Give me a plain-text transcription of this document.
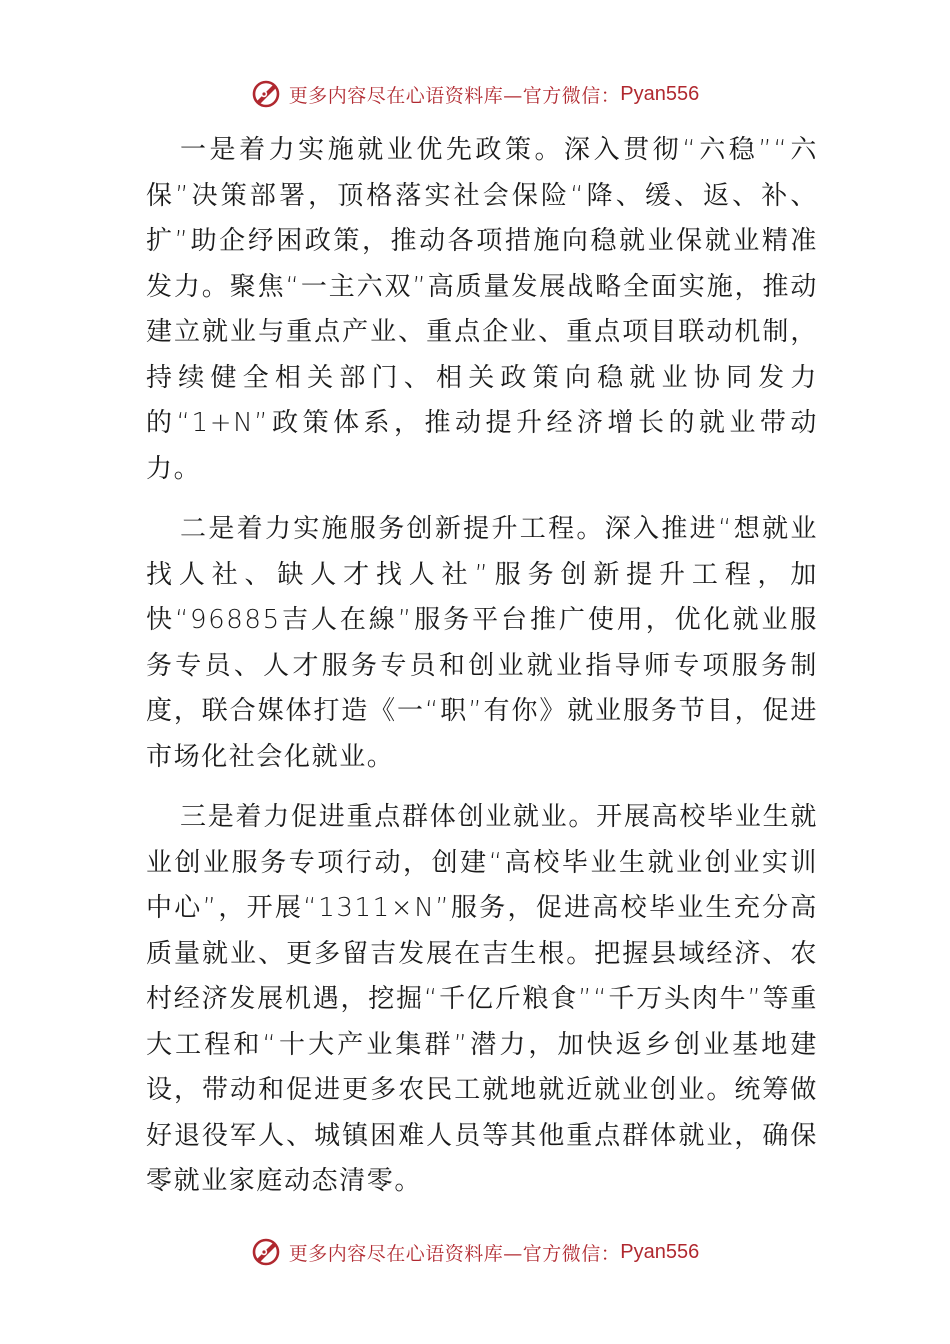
更多内容尽在心语资料库—官方微信： Pyan556

一是着力实施就业优先政策。深入贯彻“六稳”“六保”决策部署，顶格落实社会保险“降、缓、返、补、扩”助企纾困政策，推动各项措施向稳就业保就业精准发力。聚焦“一主六双”高质量发展战略全面实施，推动建立就业与重点产业、重点企业、重点项目联动机制，持续健全相关部门、相关政策向稳就业协同发力的“1+N”政策体系，推动提升经济增长的就业带动力。

二是着力实施服务创新提升工程。深入推进“想就业找人社、缺人才找人社”服务创新提升工程，加快“96885吉人在線”服务平台推广使用，优化就业服务专员、人才服务专员和创业就业指导师专项服务制度，联合媒体打造《一“职”有你》就业服务节目，促进市场化社会化就业。

三是着力促进重点群体创业就业。开展高校毕业生就业创业服务专项行动，创建“高校毕业生就业创业实训中心”，开展“1311×N”服务，促进高校毕业生充分高质量就业、更多留吉发展在吉生根。把握县域经济、农村经济发展机遇，挖掘“千亿斤粮食”“千万头肉牛”等重大工程和“十大产业集群”潜力，加快返乡创业基地建设，带动和促进更多农民工就地就近就业创业。统筹做好退役军人、城镇困难人员等其他重点群体就业，确保零就业家庭动态清零。

更多内容尽在心语资料库—官方微信： Pyan556
